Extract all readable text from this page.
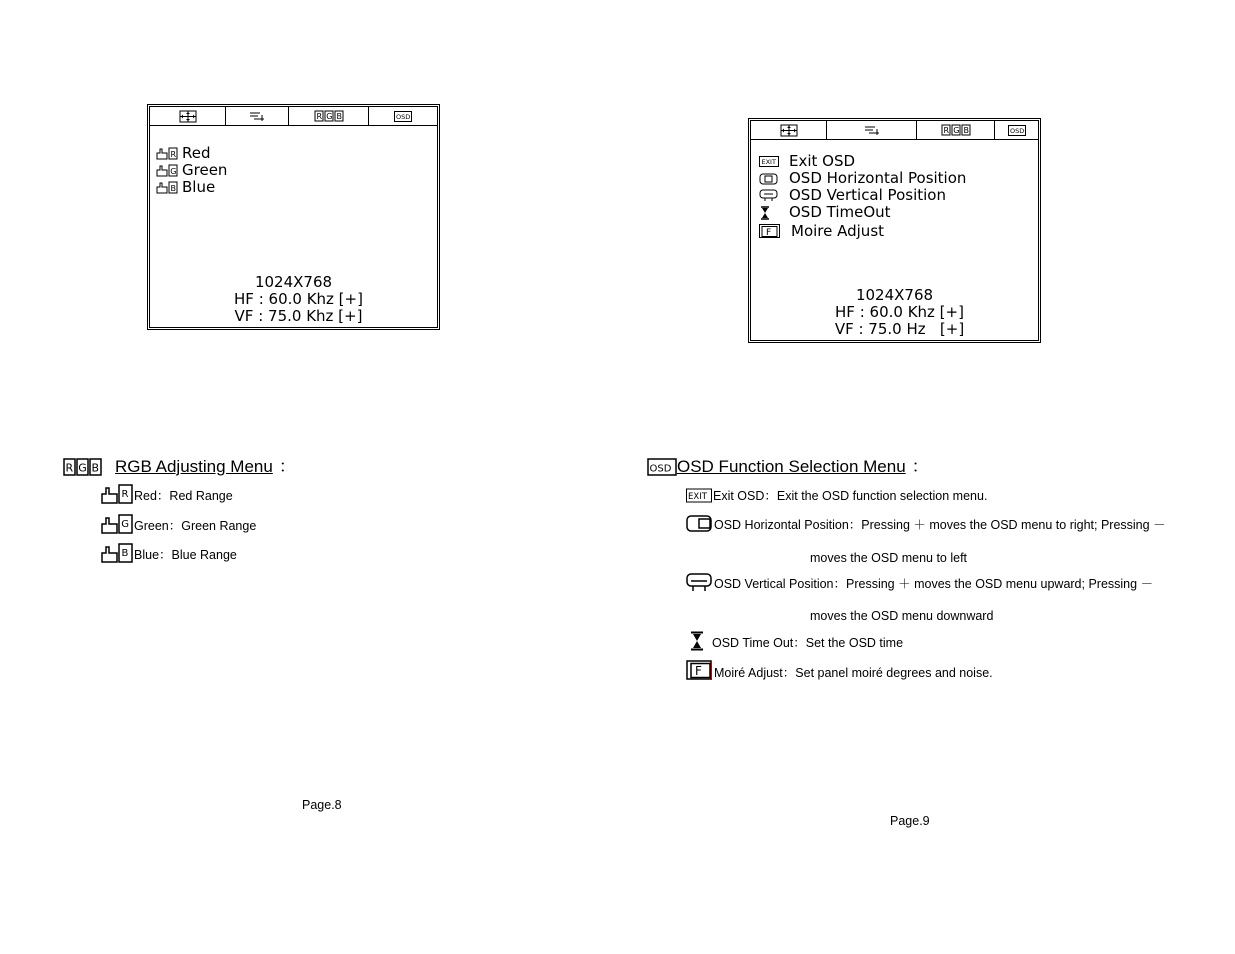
R G B	OSD
R Red
G Green
B Blue
1024X768
HF : 60.0 Khz [+]
VF : 75.0 Khz [+]
R G B	OSD
EXIT Exit OSD
OSD Horizontal Position
OSD Vertical Position
OSD TimeOut
F Moire Adjust
1024X768
HF : 60.0 Khz [+]
VF : 75.0 Hz   [+]
R G B RGB Adjusting Menu ：
R Red：Red Range
G Green：Green Range
B Blue：Blue Range
Page.8
OSD OSD Function Selection Menu ：
EXIT Exit OSD：Exit the OSD function selection menu.
OSD Horizontal Position：Pressing ＋ moves the OSD menu to right; Pressing －
moves the OSD menu to left
OSD Vertical Position：Pressing ＋ moves the OSD menu upward; Pressing －
moves the OSD menu downward
OSD Time Out：Set the OSD time
F Moiré Adjust：Set panel moiré degrees and noise.
Page.9
